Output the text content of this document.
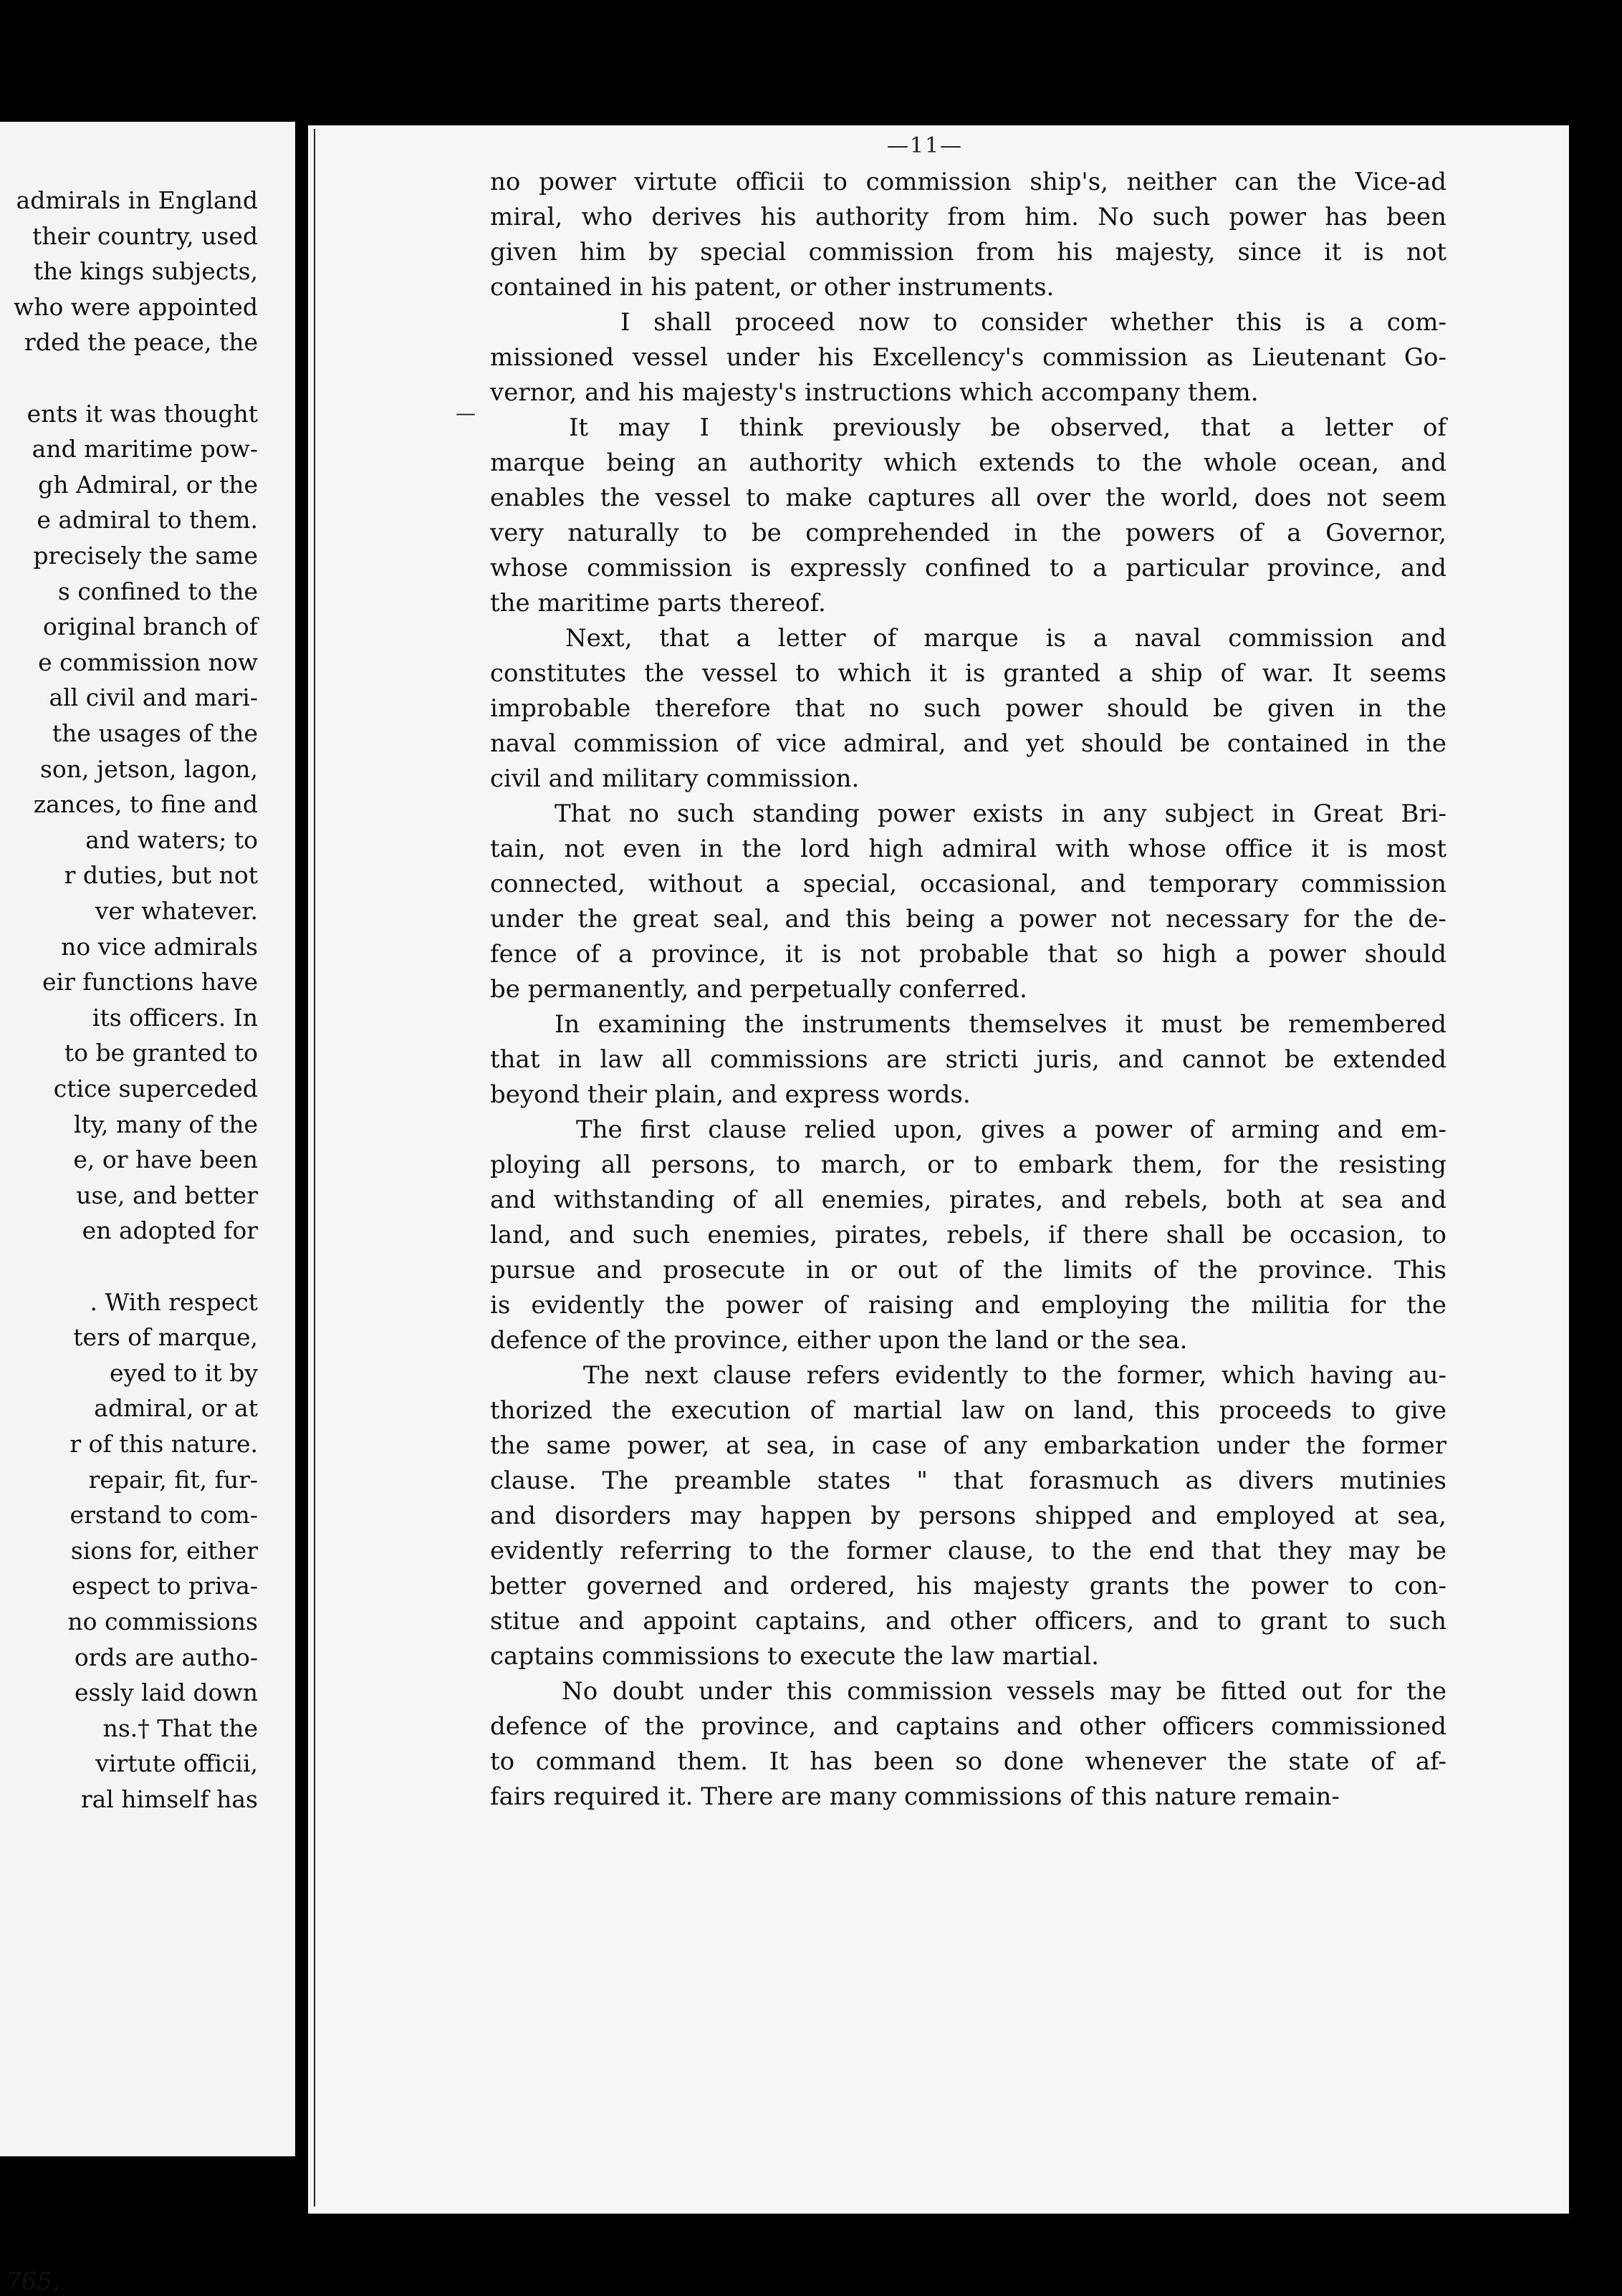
admirals in England
their country, used
the kings subjects,
who were appointed
rded the peace, the
ents it was thought
and maritime pow-
gh Admiral, or the
e admiral to them.
precisely the same
s confined to the
original branch of
e commission now
all civil and mari-
the usages of the
son, jetson, lagon,
zances, to fine and
and waters; to
r duties, but not
ver whatever.
no vice admirals
eir functions have
its officers. In
to be granted to
ctice superceded
lty, many of the
e, or have been
use, and better
en adopted for
. With respect
ters of marque,
eyed to it by
admiral, or at
r of this nature.
repair, fit, fur-
erstand to com-
sions for, either
espect to priva-
no commissions
ords are autho-
essly laid down
ns.† That the
virtute officii,
ral himself has
765.
—11—
—
no power virtute officii to commission ship's, neither can the Vice-ad
miral, who derives his authority from him. No such power has been
given him by special commission from his majesty, since it is not
contained in his patent, or other instruments.
I shall proceed now to consider whether this is a com-
missioned vessel under his Excellency's commission as Lieutenant Go-
vernor, and his majesty's instructions which accompany them.
It may I think previously be observed, that a letter of
marque being an authority which extends to the whole ocean, and
enables the vessel to make captures all over the world, does not seem
very naturally to be comprehended in the powers of a Governor,
whose commission is expressly confined to a particular province, and
the maritime parts thereof.
Next, that a letter of marque is a naval commission and
constitutes the vessel to which it is granted a ship of war. It seems
improbable therefore that no such power should be given in the
naval commission of vice admiral, and yet should be contained in the
civil and military commission.
That no such standing power exists in any subject in Great Bri-
tain, not even in the lord high admiral with whose office it is most
connected, without a special, occasional, and temporary commission
under the great seal, and this being a power not necessary for the de-
fence of a province, it is not probable that so high a power should
be permanently, and perpetually conferred.
In examining the instruments themselves it must be remembered
that in law all commissions are stricti juris, and cannot be extended
beyond their plain, and express words.
The first clause relied upon, gives a power of arming and em-
ploying all persons, to march, or to embark them, for the resisting
and withstanding of all enemies, pirates, and rebels, both at sea and
land, and such enemies, pirates, rebels, if there shall be occasion, to
pursue and prosecute in or out of the limits of the province. This
is evidently the power of raising and employing the militia for the
defence of the province, either upon the land or the sea.
The next clause refers evidently to the former, which having au-
thorized the execution of martial law on land, this proceeds to give
the same power, at sea, in case of any embarkation under the former
clause. The preamble states " that forasmuch as divers mutinies
and disorders may happen by persons shipped and employed at sea,
evidently referring to the former clause, to the end that they may be
better governed and ordered, his majesty grants the power to con-
stitue and appoint captains, and other officers, and to grant to such
captains commissions to execute the law martial.
No doubt under this commission vessels may be fitted out for the
defence of the province, and captains and other officers commissioned
to command them. It has been so done whenever the state of af-
fairs required it. There are many commissions of this nature remain-
